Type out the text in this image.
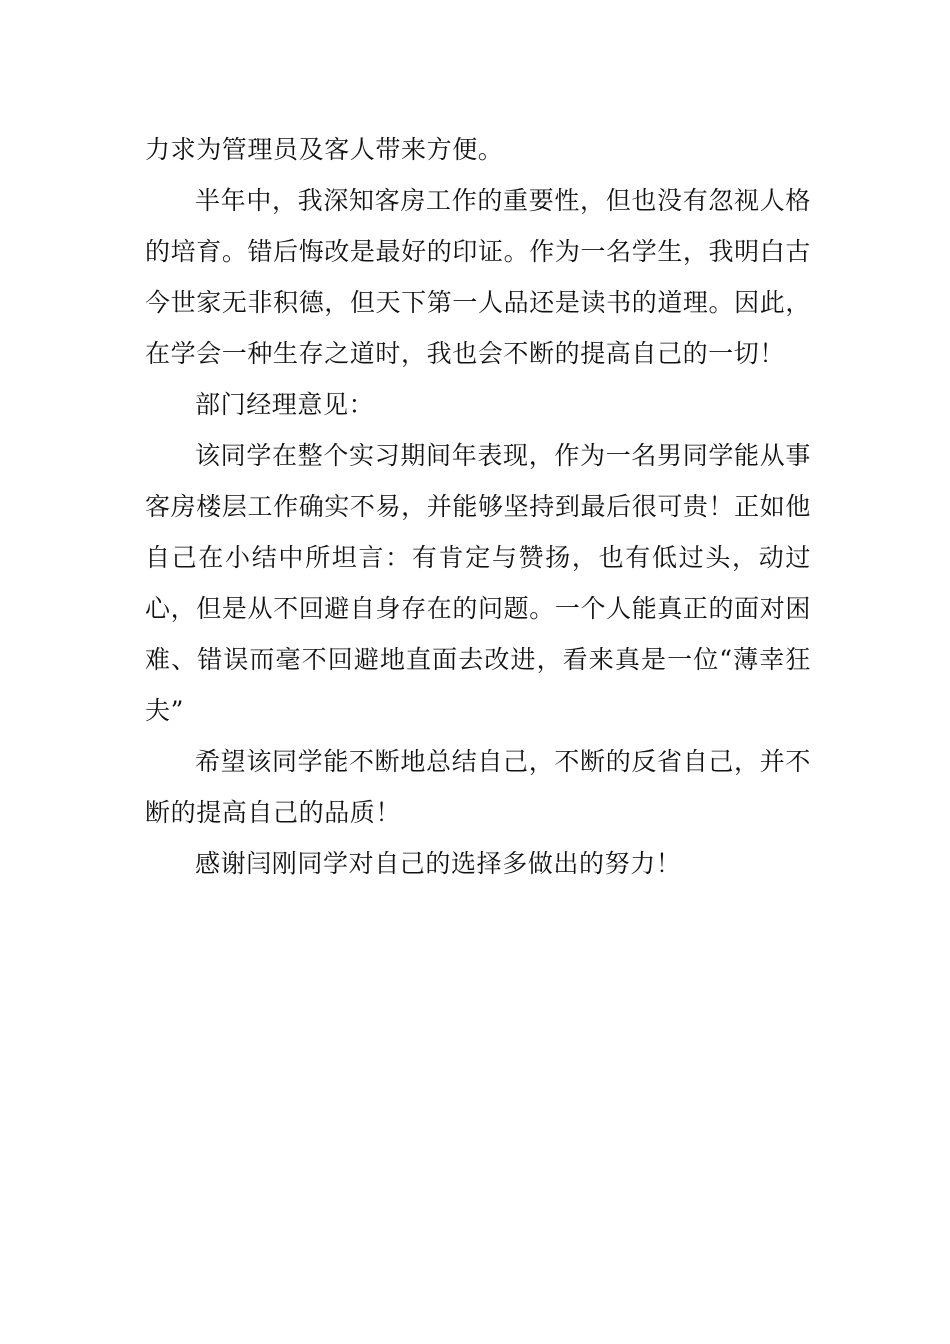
力求为管理员及客人带来方便。

半年中，我深知客房工作的重要性，但也没有忽视人格的培育。错后悔改是最好的印证。作为一名学生，我明白古今世家无非积德，但天下第一人品还是读书的道理。因此，在学会一种生存之道时，我也会不断的提高自己的一切！

部门经理意见：

该同学在整个实习期间年表现，作为一名男同学能从事客房楼层工作确实不易，并能够坚持到最后很可贵！正如他自己在小结中所坦言：有肯定与赞扬，也有低过头，动过心，但是从不回避自身存在的问题。一个人能真正的面对困难、错误而毫不回避地直面去改进，看来真是一位“薄幸狂夫”

希望该同学能不断地总结自己，不断的反省自己，并不断的提高自己的品质！

感谢闫刚同学对自己的选择多做出的努力！
